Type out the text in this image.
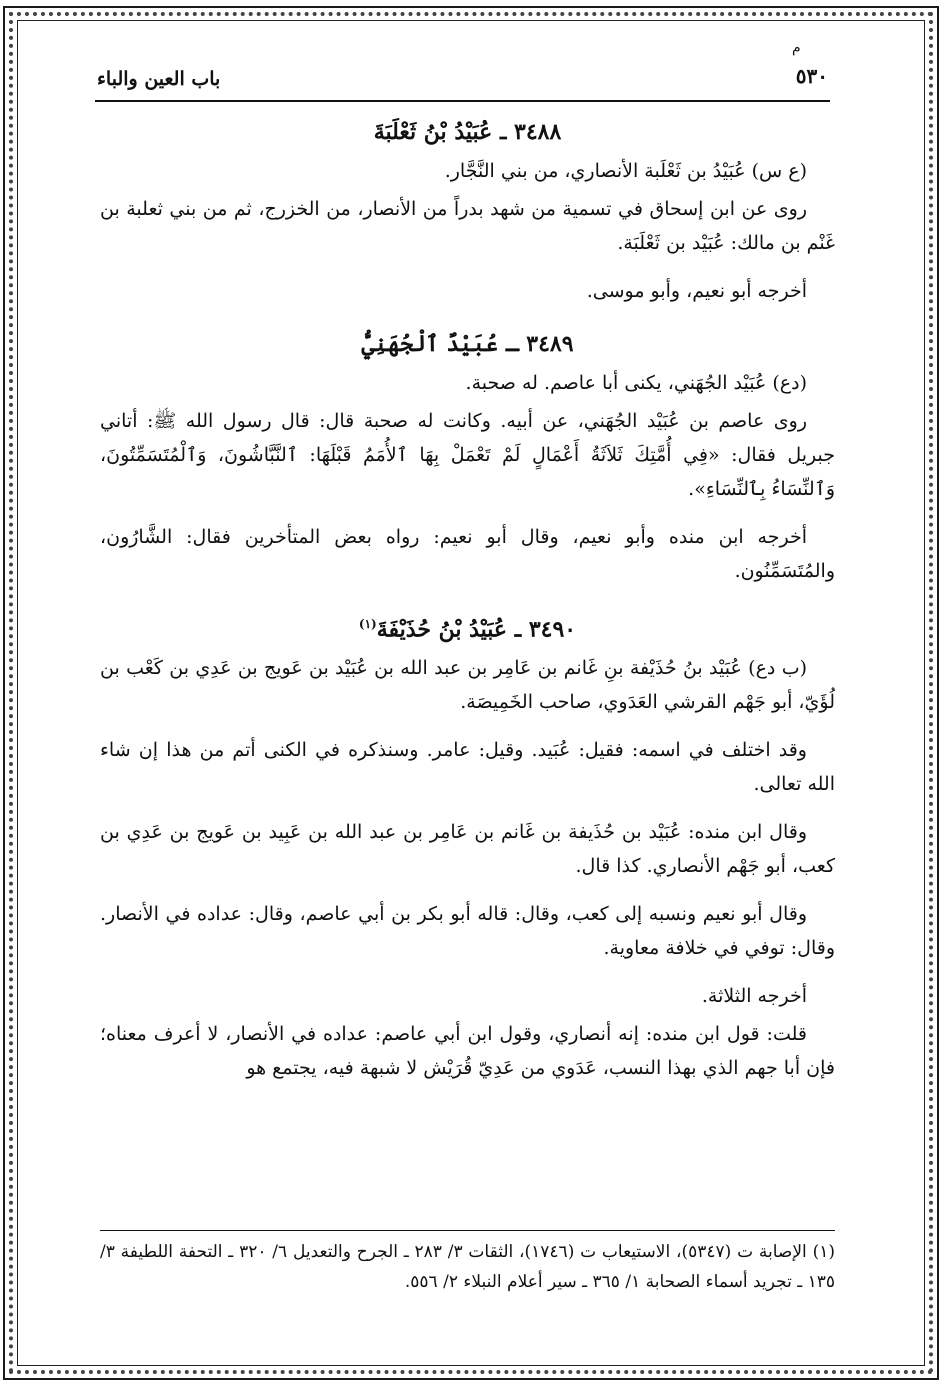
م
٥٣٠
باب العين والباء
٣٤٨٨ ـ عُبَيْدُ بْنُ ثَعْلَبَةَ

(ع س) عُبَيْدُ بن ثَعْلَبة الأنصاري، من بني النَّجَّار.

روى عن ابن إسحاق في تسمية من شهد بدراً من الأنصار، من الخزرج، ثم من بني ثعلبة بن غَنْم بن مالك: عُبَيْد بن ثَعْلَبَة.

أخرجه أبو نعيم، وأبو موسى.

٣٤٨٩ ـ عُبَيْدٌ ٱلْجُهَنِيُّ

(دع) عُبَيْد الجُهَني، يكنى أبا عاصم. له صحبة.

روى عاصم بن عُبَيْد الجُهَني، عن أبيه. وكانت له صحبة قال: قال رسول الله ﷺ: أتاني جبريل فقال: «فِي أُمَّتِكَ ثَلاَثَةُ أَعْمَالٍ لَمْ تَعْمَلْ بِهَا ٱلأُمَمُ قَبْلَهَا: ٱلنَّبَّاشُونَ، وَٱلْمُتَسَمِّتُونَ، وَٱلنِّسَاءُ بِٱلنِّسَاءِ».

أخرجه ابن منده وأبو نعيم، وقال أبو نعيم: رواه بعض المتأخرين فقال: الشَّارُون، والمُتَسَمِّنُون.

٣٤٩٠ ـ عُبَيْدُ بْنُ حُذَيْفَةَ$^{(١)}$

(ب دع) عُبَيْد بنُ حُذَيْفة بنِ غَانم بن عَامِر بن عبد الله بن عُبَيْد بن عَويج بن عَدِي بن كَعْب بن لُؤَيّ، أبو جَهْم القرشي العَدَوي، صاحب الخَمِيصَة.

وقد اختلف في اسمه: فقيل: عُبَيد. وقيل: عامر. وسنذكره في الكنى أتم من هذا إن شاء الله تعالى.

وقال ابن منده: عُبَيْد بن حُذَيفة بن غَانم بن عَامِر بن عبد الله بن عَبِيد بن عَويج بن عَدِي بن كعب، أبو جَهْم الأنصاري. كذا قال.

وقال أبو نعيم ونسبه إلى كعب، وقال: قاله أبو بكر بن أبي عاصم، وقال: عداده في الأنصار. وقال: توفي في خلافة معاوية.

أخرجه الثلاثة.

قلت: قول ابن منده: إنه أنصاري، وقول ابن أبي عاصم: عداده في الأنصار، لا أعرف معناه؛ فإن أبا جهم الذي بهذا النسب، عَدَوي من عَدِيّ قُرَيْش لا شبهة فيه، يجتمع هو

(١) الإصابة ت (٥٣٤٧)، الاستيعاب ت (١٧٤٦)، الثقات ٣/ ٢٨٣ ـ الجرح والتعديل ٦/ ٣٢٠ ـ التحفة اللطيفة ٣/ ١٣٥ ـ تجريد أسماء الصحابة ١/ ٣٦٥ ـ سير أعلام النبلاء ٢/ ٥٥٦.
